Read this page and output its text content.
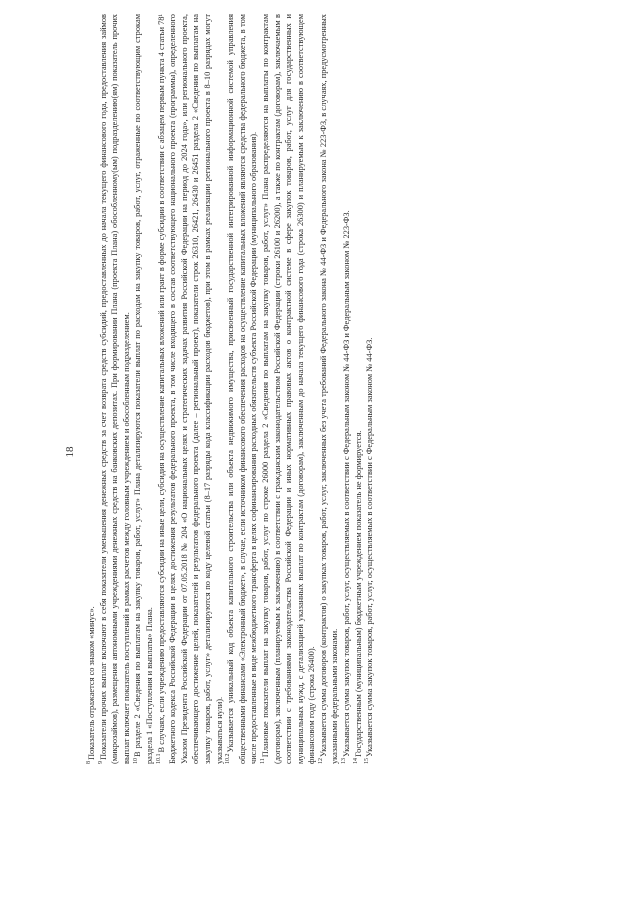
18

$^8$Показатель отражается со знаком «минус».

$^9$Показатели прочих выплат включают в себя показатели уменьшения денежных средств за счет возврата средств субсидий, предоставленных до начала текущего финансового года, предоставления займов (микрозаймов), размещения автономными учреждениями денежных средств на банковских депозитах. При формировании Плана (проекта Плана) обособленному(ым) подразделению(ям) показатель прочих выплат включает показатель поступлений в рамках расчетов между головным учреждением и обособленным подразделением. $^{10}$В разделе 2 «Сведения по выплатам на закупку товаров, работ, услуг» Плана детализируются показатели выплат по расходам на закупку товаров, работ, услуг, отраженные по соответствующим строкам раздела 1 «Поступления и выплаты» Плана. $^{10.1}$В случаях, если учреждению предоставляются субсидии на иные цели, субсидия на осуществление капитальных вложений или грант в форме субсидии в соответствии с абзацем первым пункта 4 статьи 78¹ Бюджетного кодекса Российской Федерации в целях достижения результатов федерального проекта, в том числе входящего в состав соответствующего национального проекта (программы), определенного Указом Президента Российской Федерации от 07.05.2018 № 204 «О национальных целях и стратегических задачах развития Российской Федерации на период до 2024 года», или регионального проекта, обеспечивающего достижение целей, показателей и результатов федерального проекта (далее – региональный проект), показатели строк 26310, 26421, 26430 и 26451 раздела 2 «Сведения по выплатам на закупку товаров, работ, услуг» детализируются по коду целевой статьи (8–17 разряды кода классификации расходов бюджетов), при этом в рамках реализации регионального проекта в 8–10 разрядах могут указываться нули). $^{10.2}$Указывается уникальный код объекта капитального строительства или объекта недвижимого имущества, присвоенный государственной интегрированной информационной системой управления общественными финансами «Электронный бюджет», в случае, если источником финансового обеспечения расходов на осуществление капитальных вложений являются средства федерального бюджета, в том числе предоставленные в виде межбюджетного трансферта в целях софинансирования расходных обязательств субъекта Российской Федерации (муниципального образования). $^{11}$Плановые показатели выплат на закупку товаров, работ, услуг по строке 26000 раздела 2 «Сведения по выплатам на закупку товаров, работ, услуг» Плана распределяются на выплаты по контрактам (договорам), заключенным (планируемым к заключению) в соответствии с гражданским законодательством Российской Федерации (строки 26100 и 26200), а также по контрактам (договорам), заключаемым в соответствии с требованиями законодательства Российской Федерации и иных нормативных правовых актов о контрактной системе в сфере закупок товаров, работ, услуг для государственных и муниципальных нужд, с детализацией указанных выплат по контрактам (договорам), заключенным до начала текущего финансового года (строка 26300) и планируемым к заключению в соответствующем финансовом году (строка 26400). $^{12}$Указывается сумма договоров (контрактов) о закупках товаров, работ, услуг, заключенных без учета требований Федерального закона № 44-ФЗ и Федерального закона № 223-ФЗ, в случаях, предусмотренных указанными федеральными законами. $^{13}$Указывается сумма закупок товаров, работ, услуг, осуществляемых в соответствии с Федеральным законом № 44-ФЗ и Федеральным законом № 223-ФЗ.

$^{14}$Государственным (муниципальным) бюджетным учреждением показатель не формируется.

$^{15}$Указывается сумма закупок товаров, работ, услуг, осуществляемых в соответствии с Федеральным законом № 44-ФЗ.
